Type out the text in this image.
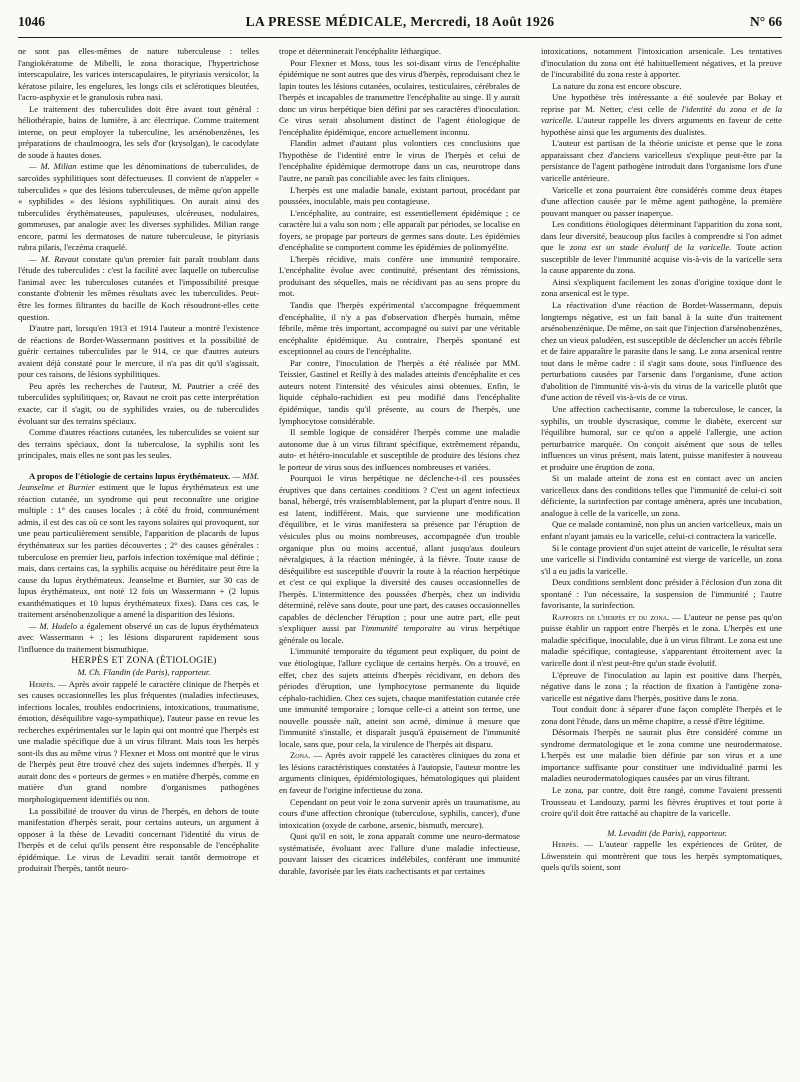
1046	LA PRESSE MÉDICALE, Mercredi, 18 Août 1926	N° 66

ne sont pas elles-mêmes de nature tuberculeuse : telles l'angiokératome de Mibelli, le zona thoracique, l'hypertrichose interscapulaire, les varices interscapulaires, le pityriasis versicolor, la kératose pilaire, les engelures, les longs cils et sclérotiques bleutées, l'acro-asphyxie et le granulosis rubra nasi.

Le traitement des tuberculides doit être avant tout général : héliothérapie, bains de lumière, à arc électrique. Comme traitement interne, on peut employer la tuberculine, les arsénobenzènes, les préparations de chaulmoogra, les sels d'or (krysolgan), le cacodylate de soude à hautes doses.

— M. Milian estime que les dénominations de tuberculides, de sarcoïdes syphilitiques sont défectueuses. Il convient de n'appeler « tuberculides » que des lésions tuberculeuses, de même qu'on appelle « syphilides » des lésions syphilitiques. On aurait ainsi des tuberculides érythémateuses, papuleuses, ulcéreuses, nodulaires, gommeuses, par analogie avec les diverses syphilides. Milian range encore, parmi les dermatoses de nature tuberculeuse, le pityriasis rubra pilaris, l'eczéma craquelé.

— M. Ravaut constate qu'un premier fait paraît troublant dans l'étude des tuberculides : c'est la facilité avec laquelle on tuberculise l'animal avec les tuberculoses cutanées et l'impossibilité presque constante d'obtenir les mêmes résultats avec les tuberculides. Peut-être les formes filtrantes du bacille de Koch résoudront-elles cette question.

D'autre part, lorsqu'en 1913 et 1914 l'auteur a montré l'existence de réactions de Bordet-Wassermann positives et la possibilité de guérir certaines tuberculides par le 914, ce que d'autres auteurs avaient déjà constaté pour le mercure, il n'a pas dit qu'il s'agissait, pour ces raisons, de lésions syphilitiques.

Peu après les recherches de l'auteur, M. Pautrier a créé des tuberculides syphilitiques; or, Ravaut ne croit pas cette interprétation exacte, car il s'agit, ou de syphilides vraies, ou de tuberculides évoluant sur des terrains spéciaux.

Comme d'autres réactions cutanées, les tuberculides se voient sur des terrains spéciaux, dont la tuberculose, la syphilis sont les principales, mais elles ne sont pas les seules.

A propos de l'étiologie de certains lupus érythémateux. — MM. Jeanselme et Burnier estiment que le lupus érythémateux est une réaction cutanée, un syndrome qui peut reconnaître une origine multiple : 1° des causes locales ; à côté du froid, communément admis, il est des cas où ce sont les rayons solaires qui provoquent, sur une peau particulièrement sensible, l'apparition de placards de lupus érythémateux sur les parties découvertes ; 2° des causes générales : tuberculose en premier lieu, parfois infection toxémique mal définie ; mais, dans certains cas, la syphilis acquise ou héréditaire peut être la cause du lupus érythémateux. Jeanselme et Burnier, sur 30 cas de lupus érythémateux, ont noté 12 fois un Wassermann + (2 lupus exanthématiques et 10 lupus érythémateux fixes). Dans ces cas, le traitement arsénobenzolique a amené la disparition des lésions.

— M. Hudelo a également observé un cas de lupus érythémateux avec Wassermann + ; les lésions disparurent rapidement sous l'influence du traitement bismuthique.

HERPÈS ET ZONA (ÉTIOLOGIE)

M. Ch. Flandin (de Paris), rapporteur.

Herpès. — Après avoir rappelé le caractère clinique de l'herpès et ses causes occasionnelles les plus fréquentes (maladies infectieuses, infections locales, troubles endocriniens, intoxications, traumatisme, émotion, déséquilibre vago-sympathique), l'auteur passe en revue les recherches expérimentales sur le lapin qui ont montré que l'herpès est une maladie spécifique due à un virus filtrant. Mais tous les herpès sont-ils dus au même virus ? Flexner et Moss ont montré que le virus de l'herpès peut être trouvé chez des sujets indemnes d'herpès. Il y aurait donc des « porteurs de germes » en matière d'herpès, comme en matière d'un grand nombre d'organismes pathogènes morphologiquement identifiés ou non.

La possibilité de trouver du virus de l'herpès, en dehors de toute manifestation d'herpès serait, pour certains auteurs, un argument à opposer à la thèse de Levaditi concernant l'identité du virus de l'herpès et de celui qu'ils pensent être responsable de l'encéphalite épidémique. Le virus de Levaditi serait tantôt dermotrope et produirait l'herpès, tantôt neuro-

trope et déterminerait l'encéphalite léthargique.

Pour Flexner et Moss, tous les soi-disant virus de l'encéphalite épidémique ne sont autres que des virus d'herpès, reproduisant chez le lapin toutes les lésions cutanées, oculaires, testiculaires, cérébrales de l'herpès et incapables de transmettre l'encéphalite au singe. Il y aurait donc un virus herpétique bien défini par ses caractères d'inoculation. Ce virus serait absolument distinct de l'agent étiologique de l'encéphalite épidémique, encore actuellement inconnu.

Flandin admet d'autant plus volontiers ces conclusions que l'hypothèse de l'identité entre le virus de l'herpès et celui de l'encéphalite épidémique dermotrope dans un cas, neurotrope dans l'autre, ne paraît pas conciliable avec les faits cliniques.

L'herpès est une maladie banale, existant partout, procédant par poussées, inoculable, mais peu contagieuse.

L'encéphalite, au contraire, est essentiellement épidémique ; ce caractère lui a valu son nom ; elle apparaît par périodes, se localise en foyers, se propage par porteurs de germes sans doute. Les épidémies d'encéphalite se comportent comme les épidémies de poliomyélite.

L'herpès récidive, mais confère une immunité temporaire. L'encéphalite évolue avec continuité, présentant des rémissions, produisant des séquelles, mais ne récidivant pas au sens propre du mot.

Tandis que l'herpès expérimental s'accompagne fréquemment d'encéphalite, il n'y a pas d'observation d'herpès humain, même fébrile, même très important, accompagné ou suivi par une véritable encéphalite épidémique. Au contraire, l'herpès spontané est exceptionnel au cours de l'encéphalite.

Par contre, l'inoculation de l'herpès a été réalisée par MM. Teissier, Gastinel et Reilly à des malades atteints d'encéphalite et ces auteurs notent l'intensité des vésicules ainsi obtenues. Enfin, le liquide céphalo-rachidien est peu modifié dans l'encéphalite épidémique, tandis qu'il présente, au cours de l'herpès, une lymphocytose considérable.

Il semble logique de considérer l'herpès comme une maladie autonome due à un virus filtrant spécifique, extrêmement répandu, auto- et hétéro-inoculable et susceptible de produire des lésions chez le porteur de virus sous des influences nombreuses et variées.

Pourquoi le virus herpétique ne déclenche-t-il ces poussées éruptives que dans certaines conditions ? C'est un agent infectieux banal, hébergé, très vraisemblablement, par la plupart d'entre nous. Il est latent, indifférent. Mais, que survienne une modification d'équilibre, et le virus manifestera sa présence par l'éruption de vésicules plus ou moins nombreuses, accompagnée d'un trouble organique plus ou moins accentué, allant jusqu'aux douleurs névralgiques, à la réaction méningée, à la fièvre. Toute cause de déséquilibre est susceptible d'ouvrir la route à la réaction herpétique et c'est ce qui explique la diversité des causes occasionnelles de l'herpès. L'intermittence des poussées d'herpès, chez un individu déterminé, relève sans doute, pour une part, des causes occasionnelles capables de déclencher l'éruption ; pour une autre part, elle peut s'expliquer aussi par l'immunité temporaire au virus herpétique générale ou locale.

L'immunité temporaire du tégument peut expliquer, du point de vue étiologique, l'allure cyclique de certains herpès. On a trouvé, en effet, chez des sujets atteints d'herpès récidivant, en dehors des périodes d'éruption, une lymphocytose permanente du liquide céphalo-rachidien. Chez ces sujets, chaque manifestation cutanée crée une immunité temporaire ; lorsque celle-ci a atteint son terme, une nouvelle poussée naît, atteint son acmé, diminue à mesure que l'immunité s'installe, et disparaît jusqu'à épuisement de l'immunité locale, sans que, pour cela, la virulence de l'herpès ait disparu.

Zona. — Après avoir rappelé les caractères cliniques du zona et les lésions caractéristiques constatées à l'autopsie, l'auteur montre les arguments cliniques, épidémiologiques, hématologiques qui plaident en faveur de l'origine infectieuse du zona.

Cependant on peut voir le zona survenir après un traumatisme, au cours d'une affection chronique (tuberculose, syphilis, cancer), d'une intoxication (oxyde de carbone, arsenic, bismuth, mercure).

Quoi qu'il en soit, le zona apparaît comme une neuro-dermatose systématisée, évoluant avec l'allure d'une maladie infectieuse, pouvant laisser des cicatrices indélébiles, conférant une immunité durable, favorisée par les états cachectisants et par certaines

intoxications, notamment l'intoxication arsenicale. Les tentatives d'inoculation du zona ont été habituellement négatives, et la preuve de l'incurabilité du zona reste à apporter.

La nature du zona est encore obscure.

Une hypothèse très intéressante a été soulevée par Bokay et reprise par M. Netter, c'est celle de l'identité du zona et de la varicelle. L'auteur rappelle les divers arguments en faveur de cette hypothèse ainsi que les arguments des dualistes.

L'auteur est partisan de la théorie uniciste et pense que le zona apparaissant chez d'anciens varicelleux s'explique peut-être par la persistance de l'agent pathogène introduit dans l'organisme lors d'une varicelle antérieure.

Varicelle et zona pourraient être considérés comme deux étapes d'une affection causée par le même agent pathogène, la première pouvant manquer ou passer inaperçue.

Les conditions étiologiques déterminant l'apparition du zona sont, dans leur diversité, beaucoup plus faciles à comprendre si l'on admet que le zona est un stade évolutif de la varicelle. Toute action susceptible de lever l'immunité acquise vis-à-vis de la varicelle sera la cause apparente du zona.

Ainsi s'expliquent facilement les zonas d'origine toxique dont le zona arsenical est le type.

La réactivation d'une réaction de Bordet-Wassermann, depuis longtemps négative, est un fait banal à la suite d'un traitement arsénobenzénique. De même, on sait que l'injection d'arsénobenzènes, chez un vieux paludéen, est susceptible de déclencher un accès fébrile et de faire apparaître le parasite dans le sang. Le zona arsenical rentre tout dans le même cadre : il s'agit sans doute, sous l'influence des perturbations causées par l'arsenic dans l'organisme, d'une action d'abolition de l'immunité vis-à-vis du virus de la varicelle plutôt que d'une action de réveil vis-à-vis de ce virus.

Une affection cachectisante, comme la tuberculose, le cancer, la syphilis, un trouble dyscrasique, comme le diabète, exercent sur l'équilibre humoral, sur ce qu'on a appelé l'allergie, une action perturbatrice marquée. On conçoit aisément que sous de telles influences un virus présent, mais latent, puisse manifester à nouveau et produire une éruption de zona.

Si un malade atteint de zona est en contact avec un ancien varicelleux dans des conditions telles que l'immunité de celui-ci soit déficiente, la surinfection par contage amènera, après une incubation, analogue à celle de la varicelle, un zona.

Que ce malade contaminé, non plus un ancien varicelleux, mais un enfant n'ayant jamais eu la varicelle, celui-ci contractera la varicelle.

Si le contage provient d'un sujet atteint de varicelle, le résultat sera une varicelle si l'individu contaminé est vierge de varicelle, un zona s'il a eu jadis la varicelle.

Deux conditions semblent donc présider à l'éclosion d'un zona dit spontané : l'un nécessaire, la suspension de l'immunité ; l'autre favorisante, la surinfection.

Rapports de l'herpès et du zona. — L'auteur ne pense pas qu'on puisse établir un rapport entre l'herpès et le zona. L'herpès est une maladie spécifique, inoculable, due à un virus filtrant. Le zona est une maladie spécifique, contagieuse, s'apparentant étroitement avec la varicelle dont il n'est peut-être qu'un stade évolutif.

L'épreuve de l'inoculation au lapin est positive dans l'herpès, négative dans le zona ; la réaction de fixation à l'antigène zona-varicelle est négative dans l'herpès, positive dans le zona.

Tout conduit donc à séparer d'une façon complète l'herpès et le zona dont l'étude, dans un même chapitre, a cessé d'être légitime.

Désormais l'herpès ne saurait plus être considéré comme un syndrome dermatologique et le zona comme une neurodermatose. L'herpès est une maladie bien définie par son virus et a une importance suffisante pour constituer une individualité parmi les maladies neurodermatologiques causées par un virus filtrant.

Le zona, par contre, doit être rangé, comme l'avaient pressenti Trousseau et Landouzy, parmi les fièvres éruptives et tout porte à croire qu'il doit être rattaché au chapitre de la varicelle.

M. Levaditi (de Paris), rapporteur.

Herpès. — L'auteur rappelle les expériences de Grüter, de Löwenstein qui montrèrent que tous les herpès symptomatiques, quels qu'ils soient, sont
